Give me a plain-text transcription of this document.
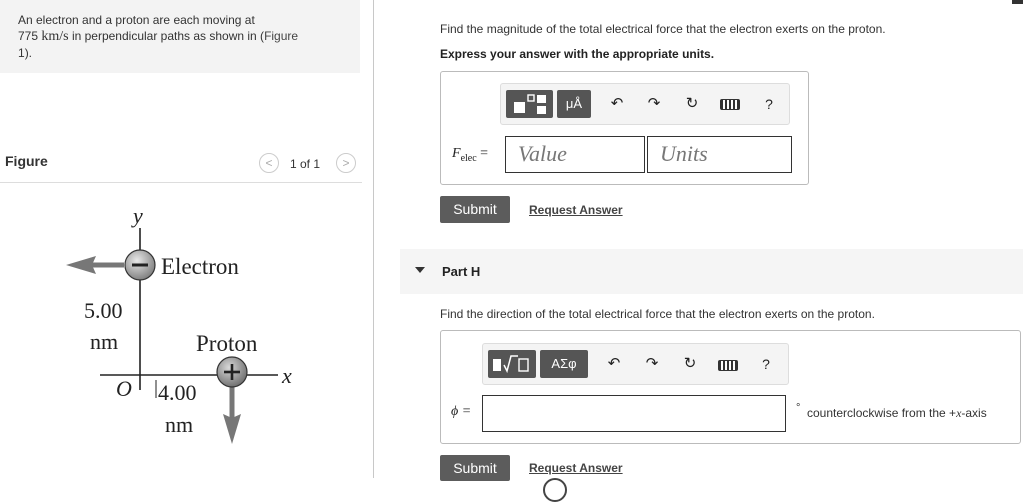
An electron and a proton are each moving at
775 km/s in perpendicular paths as shown in (Figure
1).
Figure	<	1 of 1	>
y
x
O
Electron
Proton
5.00
nm
4.00
nm
Find the magnitude of the total electrical force that the electron exerts on the proton.
Express your answer with the appropriate units.
μÅ	↶ ↷ ↻	?
$F_{elec}$ =	Value	Units
Submit	Request Answer
Part H
Find the direction of the total electrical force that the electron exerts on the proton.
ΑΣφ	↶ ↷ ↻	?
ϕ =	° counterclockwise from the +x-axis
Submit	Request Answer
